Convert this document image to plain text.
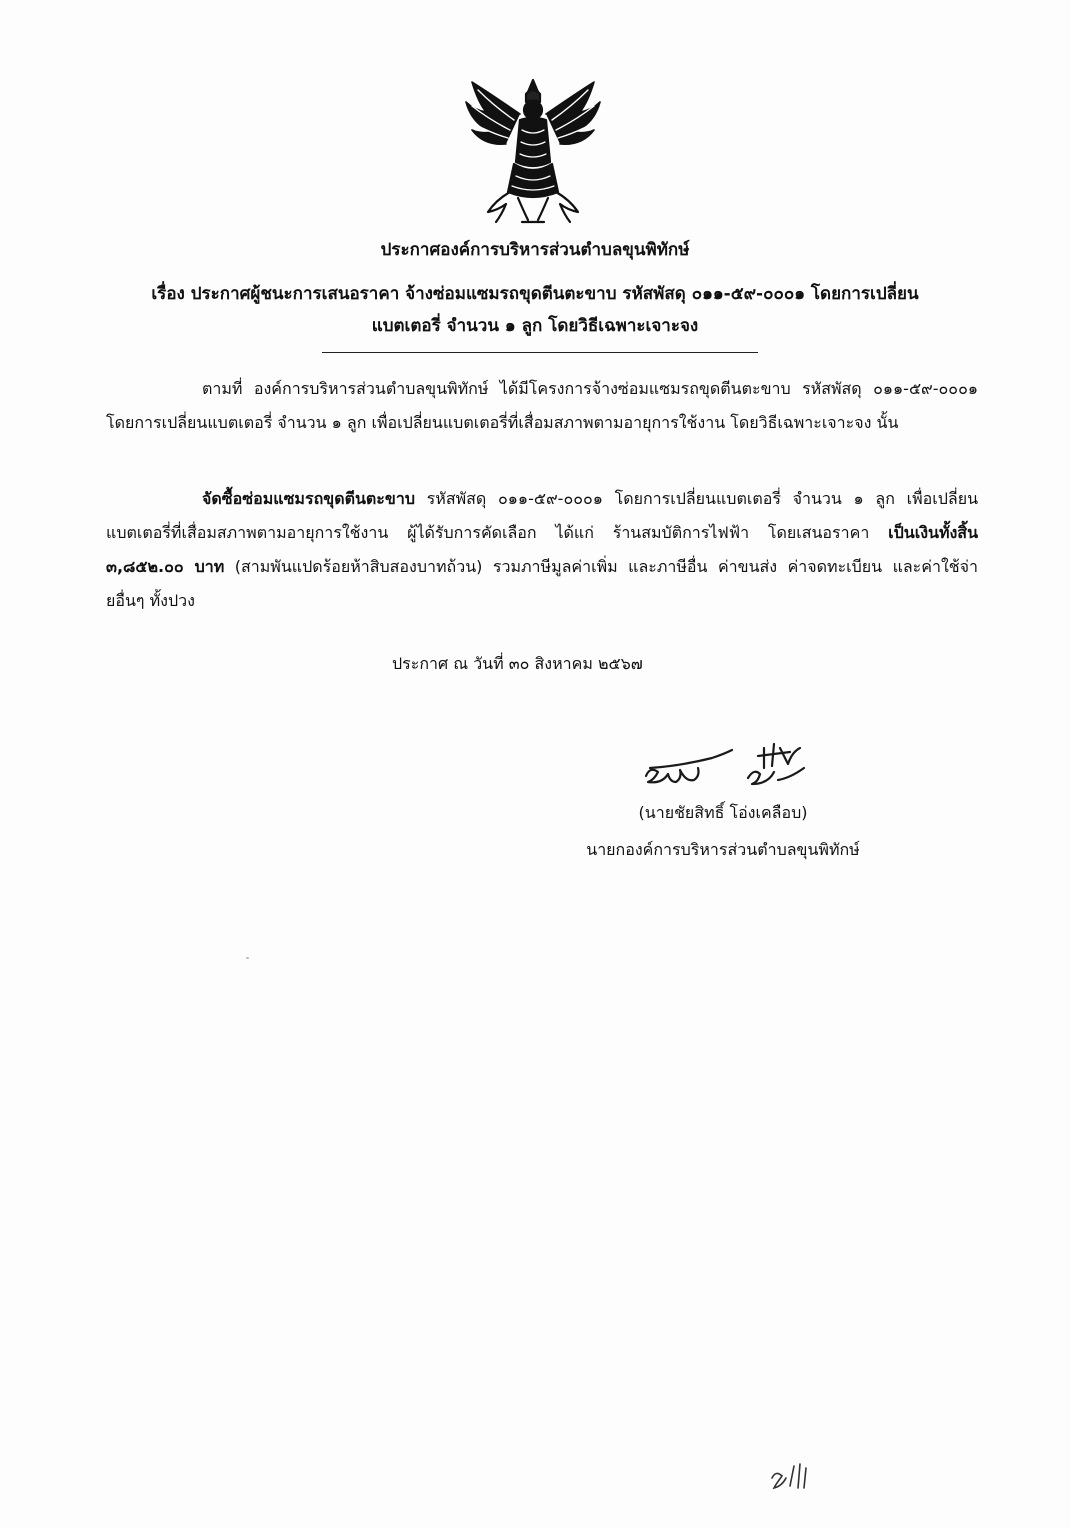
ประกาศองค์การบริหารส่วนตำบลขุนพิทักษ์
เรื่อง ประกาศผู้ชนะการเสนอราคา จ้างซ่อมแซมรถขุดตีนตะขาบ รหัสพัสดุ ๐๑๑-๕๙-๐๐๐๑ โดยการเปลี่ยน
แบตเตอรี่ จำนวน ๑ ลูก โดยวิธีเฉพาะเจาะจง
ตามที่ องค์การบริหารส่วนตำบลขุนพิทักษ์ ได้มีโครงการจ้างซ่อมแซมรถขุดตีนตะขาบ รหัสพัสดุ ๐๑๑-๕๙-๐๐๐๑ โดยการเปลี่ยนแบตเตอรี่ จำนวน ๑ ลูก เพื่อเปลี่ยนแบตเตอรี่ที่เสื่อมสภาพตามอายุการใช้งาน โดยวิธีเฉพาะเจาะจง นั้น
จัดซื้อซ่อมแซมรถขุดตีนตะขาบ รหัสพัสดุ ๐๑๑-๕๙-๐๐๐๑ โดยการเปลี่ยนแบตเตอรี่ จำนวน ๑ ลูก เพื่อเปลี่ยนแบตเตอรี่ที่เสื่อมสภาพตามอายุการใช้งาน ผู้ได้รับการคัดเลือก ได้แก่ ร้านสมบัติการไฟฟ้า โดยเสนอราคา เป็นเงินทั้งสิ้น ๓,๘๕๒.๐๐ บาท (สามพันแปดร้อยห้าสิบสองบาทถ้วน) รวมภาษีมูลค่าเพิ่ม และภาษีอื่น ค่าขนส่ง ค่าจดทะเบียน และค่าใช้จ่ายอื่นๆ ทั้งปวง
ประกาศ ณ วันที่ ๓๐ สิงหาคม ๒๕๖๗
(นายชัยสิทธิ์ โอ่งเคลือบ)
นายกองค์การบริหารส่วนตำบลขุนพิทักษ์
